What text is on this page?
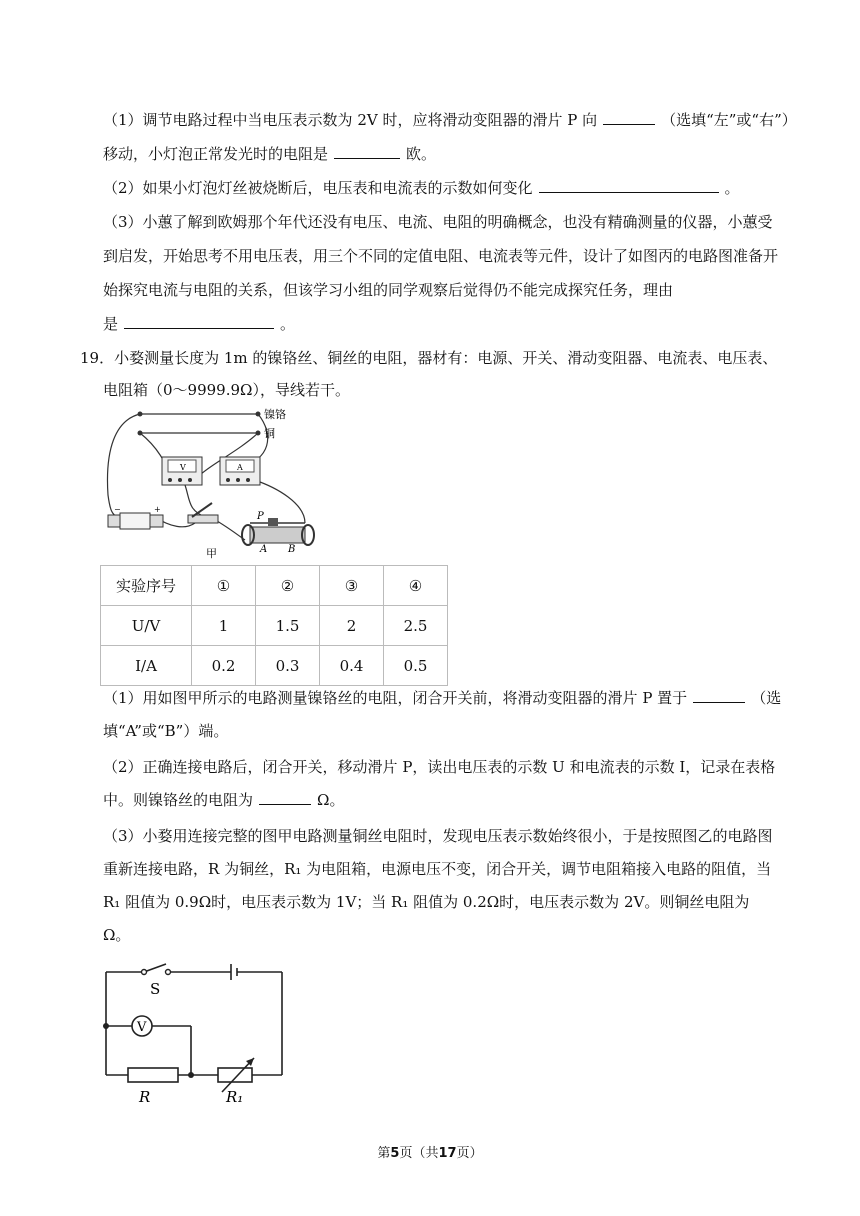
（1）调节电路过程中当电压表示数为 2V 时，应将滑动变阻器的滑片 P 向	（选填“左”或“右”）
移动，小灯泡正常发光时的电阻是	欧。
（2）如果小灯泡灯丝被烧断后，电压表和电流表的示数如何变化	。
（3）小蕙了解到欧姆那个年代还没有电压、电流、电阻的明确概念，也没有精确测量的仪器，小蕙受
到启发，开始思考不用电压表，用三个不同的定值电阻、电流表等元件，设计了如图丙的电路图准备开
始探究电流与电阻的关系，但该学习小组的同学观察后觉得仍不能完成探究任务，理由
是	。
19．小婺测量长度为 1m 的镍铬丝、铜丝的电阻，器材有：电源、开关、滑动变阻器、电流表、电压表、
电阻箱（0～9999.9Ω），导线若干。
V	A
−	+
镍铬
铜
P
A B
甲
实验序号	①	②	③	④
U/V	1	1.5	2	2.5
I/A	0.2	0.3	0.4	0.5
（1）用如图甲所示的电路测量镍铬丝的电阻，闭合开关前，将滑动变阻器的滑片 P 置于	（选
填“A”或“B”）端。
（2）正确连接电路后，闭合开关，移动滑片 P，读出电压表的示数 U 和电流表的示数 I，记录在表格
中。则镍铬丝的电阻为	Ω。
（3）小婺用连接完整的图甲电路测量铜丝电阻时，发现电压表示数始终很小，于是按照图乙的电路图
重新连接电路，R 为铜丝，R₁ 为电阻箱，电源电压不变，闭合开关，调节电阻箱接入电路的阻值，当
R₁ 阻值为 0.9Ω时，电压表示数为 1V；当 R₁ 阻值为 0.2Ω时，电压表示数为 2V。则铜丝电阻为
Ω。
V
S
R	R₁
第5页（共17页）
